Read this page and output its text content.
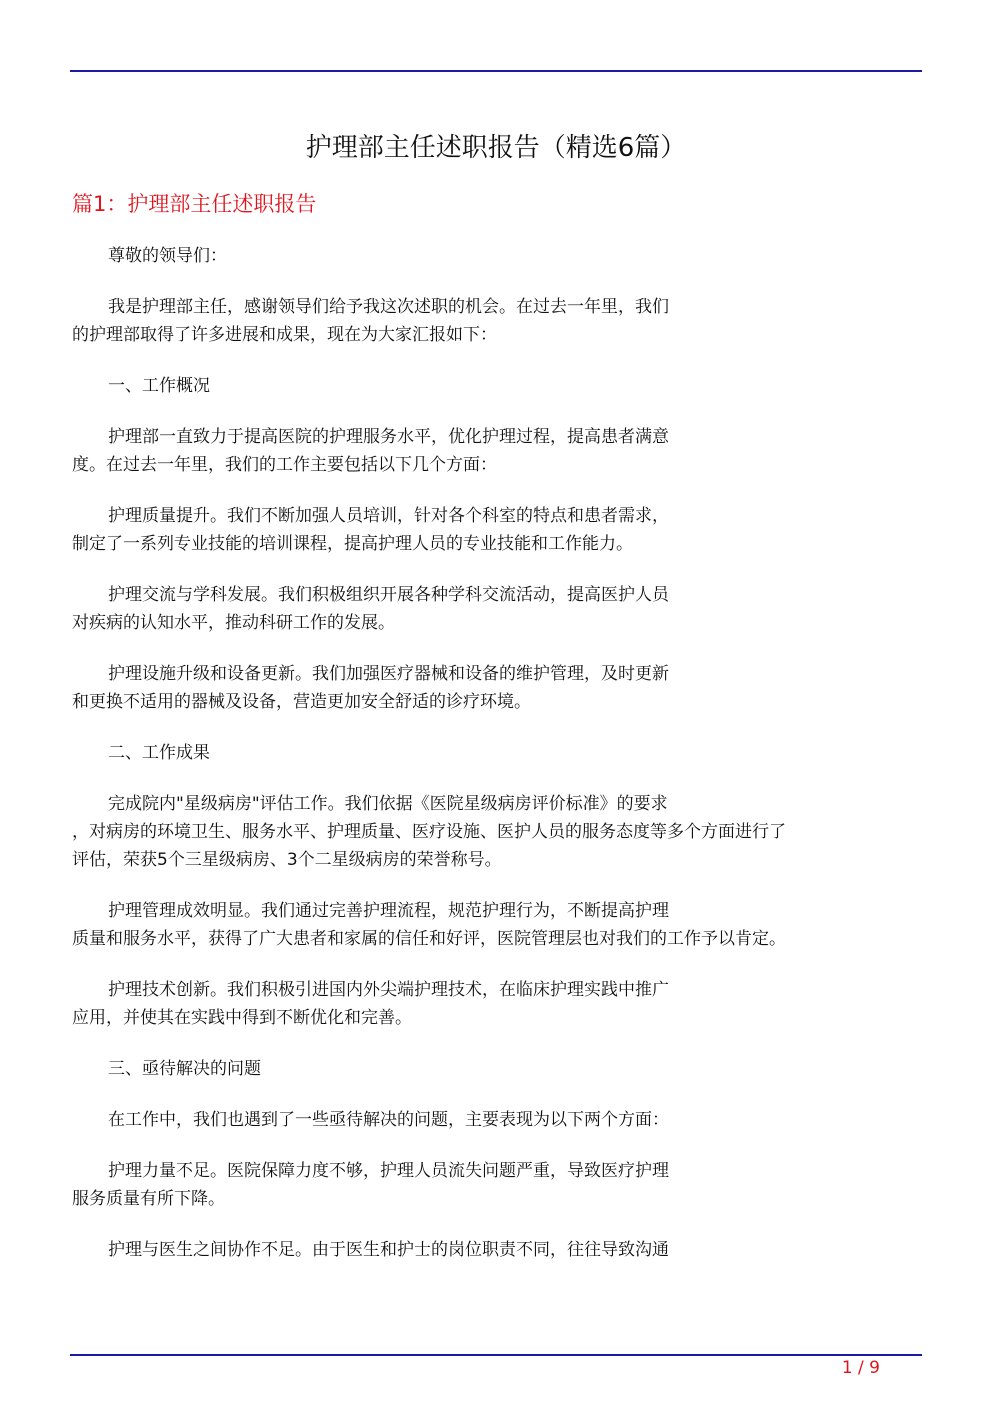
护理部主任述职报告（精选6篇）
篇1：护理部主任述职报告
尊敬的领导们：
我是护理部主任，感谢领导们给予我这次述职的机会。在过去一年里，我们
的护理部取得了许多进展和成果，现在为大家汇报如下：
一、工作概况
护理部一直致力于提高医院的护理服务水平，优化护理过程，提高患者满意
度。在过去一年里，我们的工作主要包括以下几个方面：
护理质量提升。我们不断加强人员培训，针对各个科室的特点和患者需求，
制定了一系列专业技能的培训课程，提高护理人员的专业技能和工作能力。
护理交流与学科发展。我们积极组织开展各种学科交流活动，提高医护人员
对疾病的认知水平，推动科研工作的发展。
护理设施升级和设备更新。我们加强医疗器械和设备的维护管理，及时更新
和更换不适用的器械及设备，营造更加安全舒适的诊疗环境。
二、工作成果
完成院内"星级病房"评估工作。我们依据《医院星级病房评价标准》的要求
，对病房的环境卫生、服务水平、护理质量、医疗设施、医护人员的服务态度等多个方面进行了
评估，荣获5个三星级病房、3个二星级病房的荣誉称号。
护理管理成效明显。我们通过完善护理流程，规范护理行为，不断提高护理
质量和服务水平，获得了广大患者和家属的信任和好评，医院管理层也对我们的工作予以肯定。
护理技术创新。我们积极引进国内外尖端护理技术，在临床护理实践中推广
应用，并使其在实践中得到不断优化和完善。
三、亟待解决的问题
在工作中，我们也遇到了一些亟待解决的问题，主要表现为以下两个方面：
护理力量不足。医院保障力度不够，护理人员流失问题严重，导致医疗护理
服务质量有所下降。
护理与医生之间协作不足。由于医生和护士的岗位职责不同，往往导致沟通
1 / 9
